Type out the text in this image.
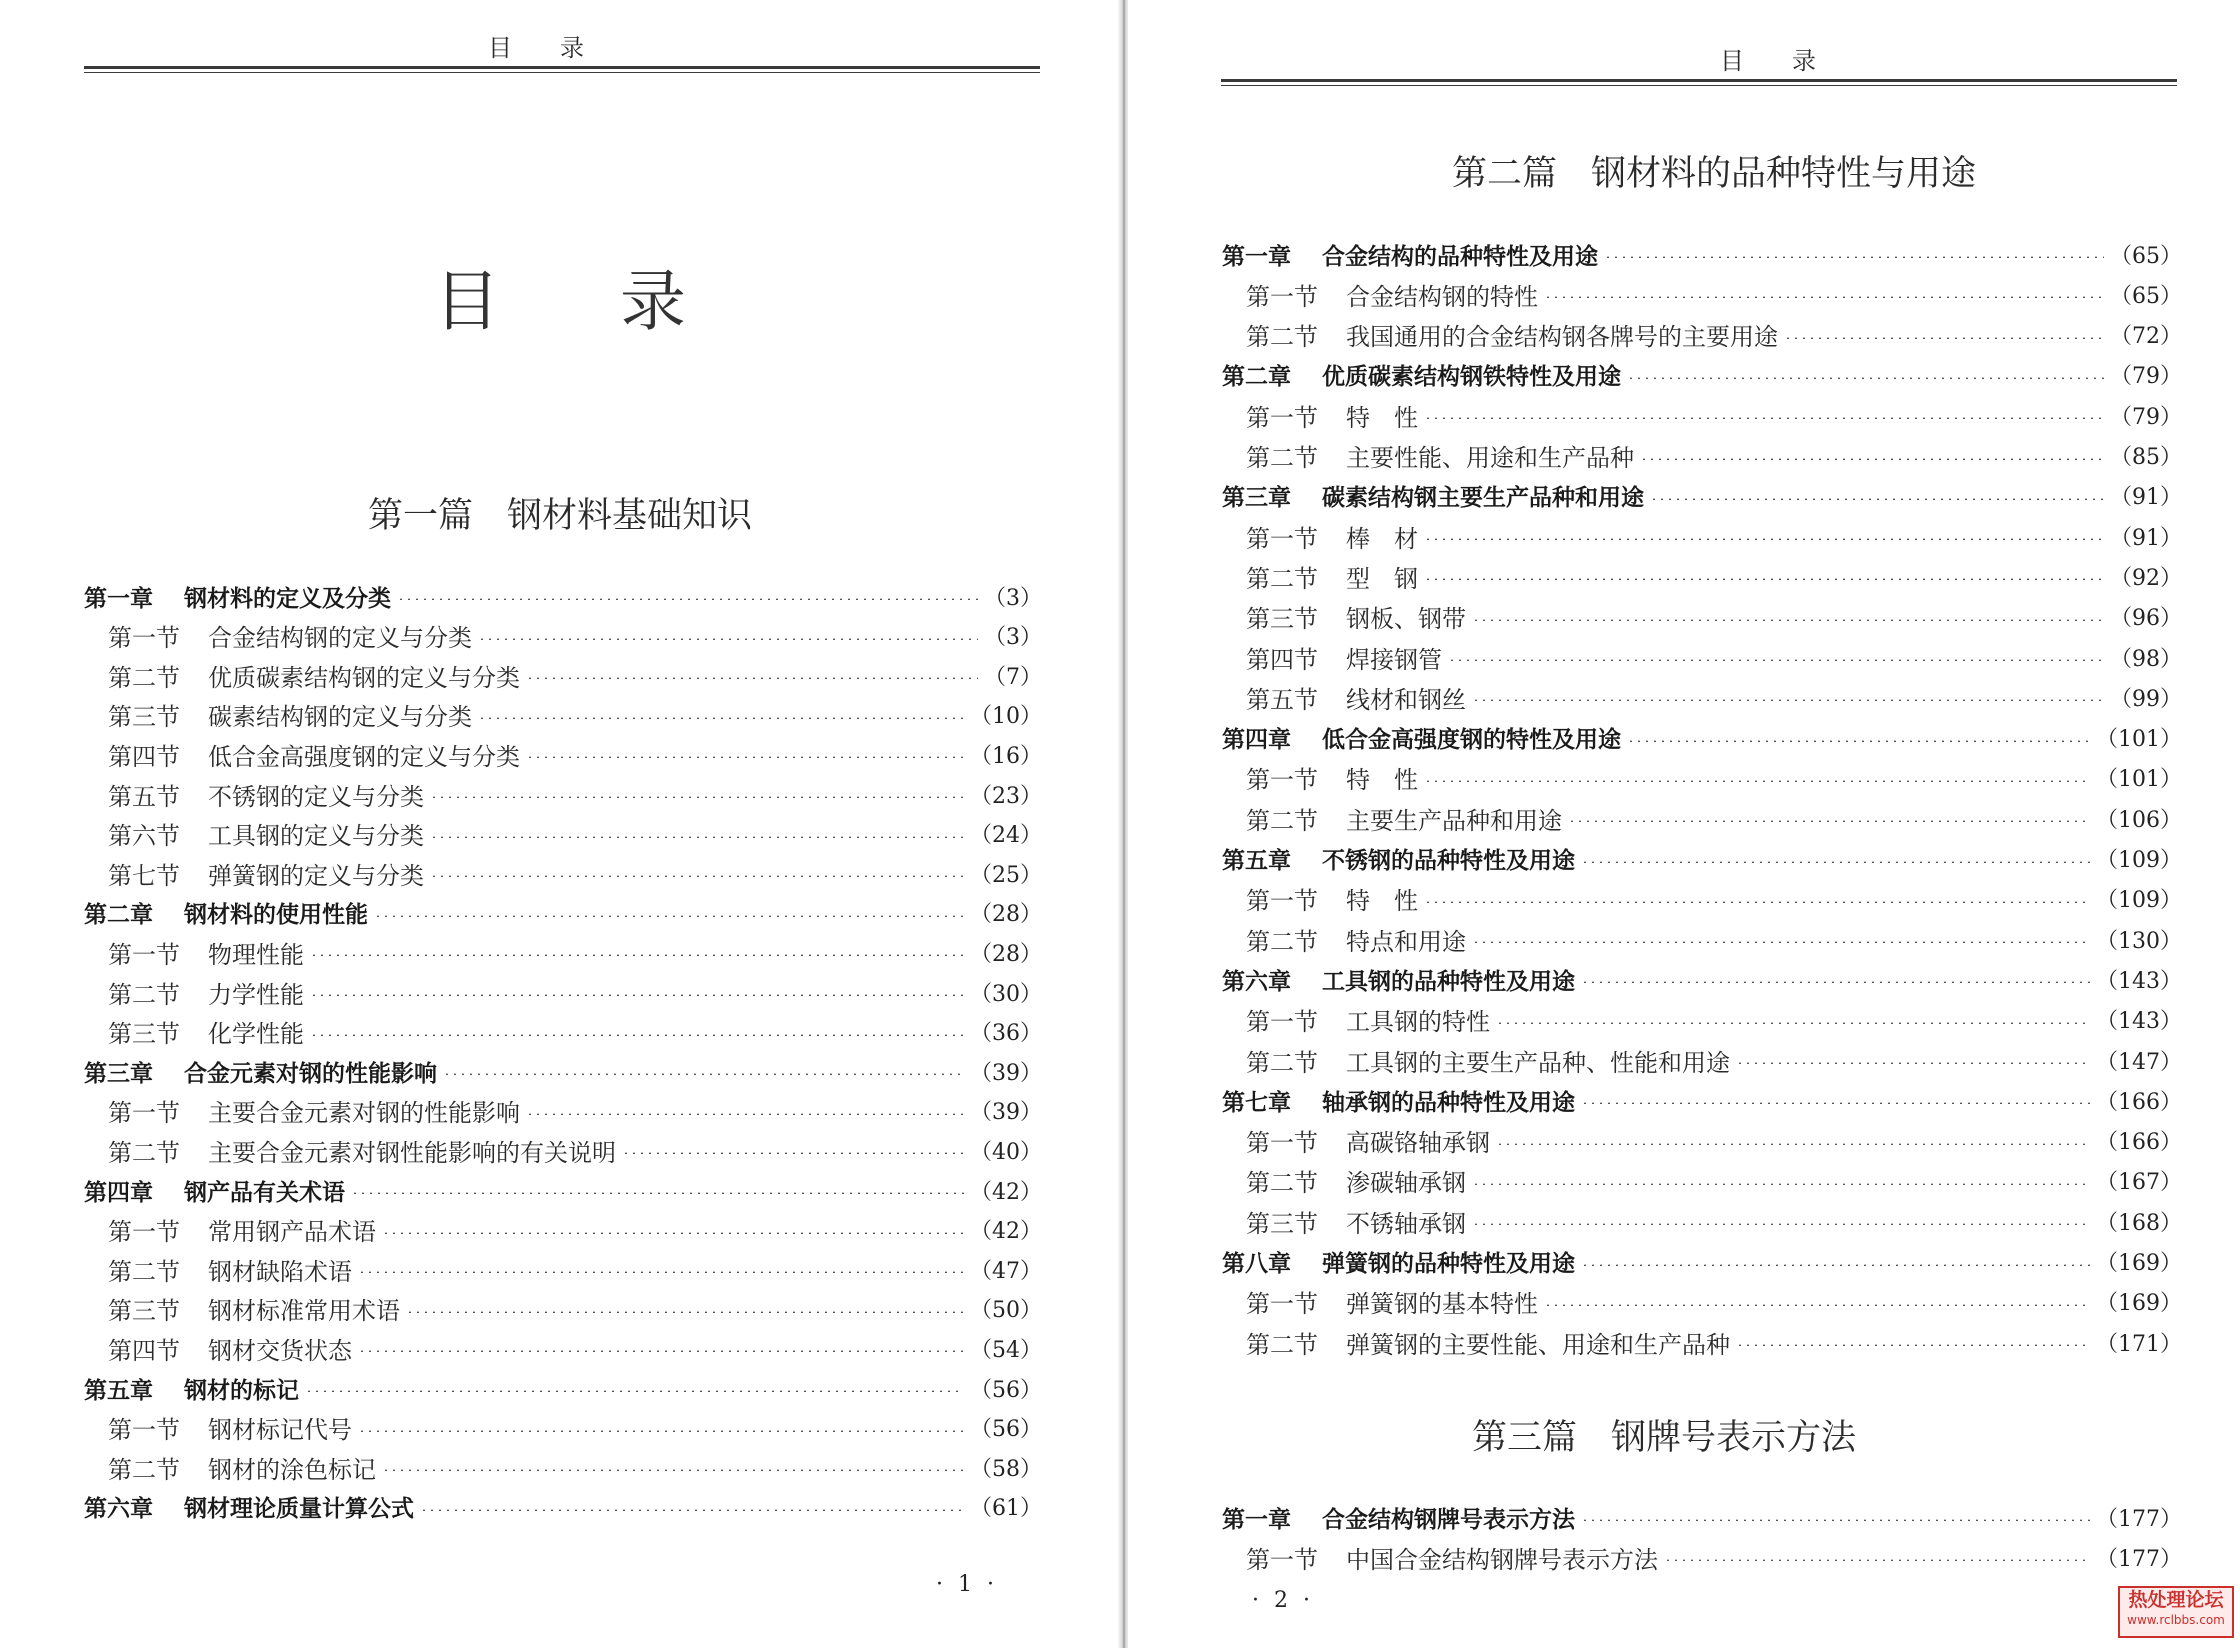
目录
目录
第一篇 钢材料基础知识
第一章	钢材料的定义及分类	（3）
第一节	合金结构钢的定义与分类	（3）
第二节	优质碳素结构钢的定义与分类	（7）
第三节	碳素结构钢的定义与分类	（10）
第四节	低合金高强度钢的定义与分类	（16）
第五节	不锈钢的定义与分类	（23）
第六节	工具钢的定义与分类	（24）
第七节	弹簧钢的定义与分类	（25）
第二章	钢材料的使用性能	（28）
第一节	物理性能	（28）
第二节	力学性能	（30）
第三节	化学性能	（36）
第三章	合金元素对钢的性能影响	（39）
第一节	主要合金元素对钢的性能影响	（39）
第二节	主要合金元素对钢性能影响的有关说明	（40）
第四章	钢产品有关术语	（42）
第一节	常用钢产品术语	（42）
第二节	钢材缺陷术语	（47）
第三节	钢材标准常用术语	（50）
第四节	钢材交货状态	（54）
第五章	钢材的标记	（56）
第一节	钢材标记代号	（56）
第二节	钢材的涂色标记	（58）
第六章	钢材理论质量计算公式	（61）
· 1 ·
目录
第二篇 钢材料的品种特性与用途
第一章	合金结构的品种特性及用途	（65）
第一节	合金结构钢的特性	（65）
第二节	我国通用的合金结构钢各牌号的主要用途	（72）
第二章	优质碳素结构钢铁特性及用途	（79）
第一节	特　性	（79）
第二节	主要性能、用途和生产品种	（85）
第三章	碳素结构钢主要生产品种和用途	（91）
第一节	棒　材	（91）
第二节	型　钢	（92）
第三节	钢板、钢带	（96）
第四节	焊接钢管	（98）
第五节	线材和钢丝	（99）
第四章	低合金高强度钢的特性及用途	（101）
第一节	特　性	（101）
第二节	主要生产品种和用途	（106）
第五章	不锈钢的品种特性及用途	（109）
第一节	特　性	（109）
第二节	特点和用途	（130）
第六章	工具钢的品种特性及用途	（143）
第一节	工具钢的特性	（143）
第二节	工具钢的主要生产品种、性能和用途	（147）
第七章	轴承钢的品种特性及用途	（166）
第一节	高碳铬轴承钢	（166）
第二节	渗碳轴承钢	（167）
第三节	不锈轴承钢	（168）
第八章	弹簧钢的品种特性及用途	（169）
第一节	弹簧钢的基本特性	（169）
第二节	弹簧钢的主要性能、用途和生产品种	（171）
第三篇 钢牌号表示方法
第一章	合金结构钢牌号表示方法	（177）
第一节	中国合金结构钢牌号表示方法	（177）
· 2 ·	热处理论坛
www.rclbbs.com
